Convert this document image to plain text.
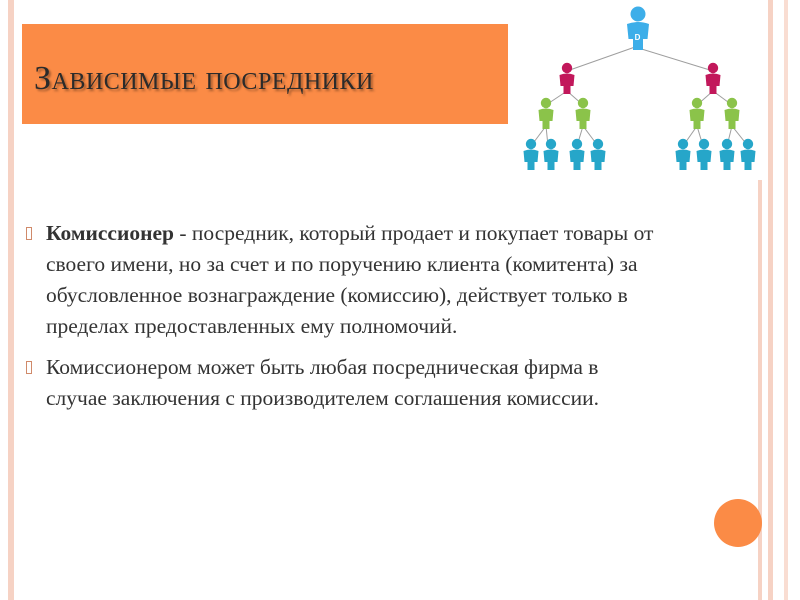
Зависимые посредники
D
Комиссионер - посредник, который продает и покупает товары от своего имени, но за счет и по поручению клиента (комитента) за обусловленное вознаграждение (комиссию), действует только в пределах предоставленных ему полномочий.
Комиссионером может быть любая посредническая фирма в случае заключения с производителем соглашения комиссии.
